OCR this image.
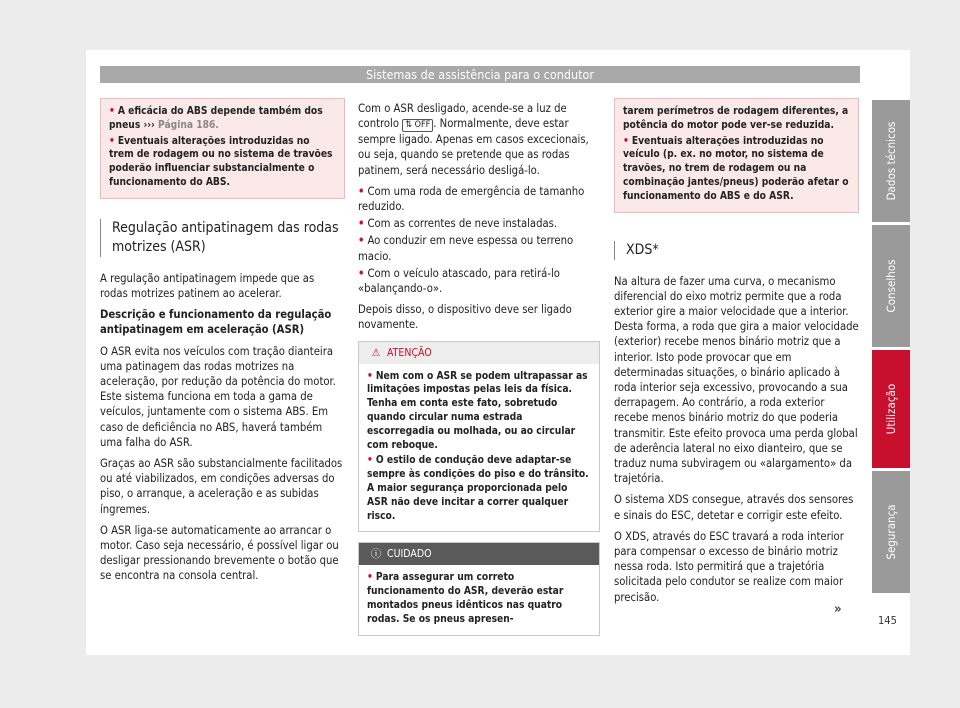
Sistemas de assistência para o condutor
• A eficácia do ABS depende também dos pneus ››› Página 186.
• Eventuais alterações introduzidas no trem de rodagem ou no sistema de travões poderão influenciar substancialmente o funcionamento do ABS.
Regulação antipatinagem das rodas motrizes (ASR)

A regulação antipatinagem impede que as rodas motrizes patinem ao acelerar.

Descrição e funcionamento da regulação antipatinagem em aceleração (ASR)

O ASR evita nos veículos com tração dianteira uma patinagem das rodas motrizes na aceleração, por redução da potência do motor. Este sistema funciona em toda a gama de veículos, juntamente com o sistema ABS. Em caso de deficiência no ABS, haverá também uma falha do ASR.

Graças ao ASR são substancialmente facilitados ou até viabilizados, em condições adversas do piso, o arranque, a aceleração e as subidas íngremes.

O ASR liga-se automaticamente ao arrancar o motor. Caso seja necessário, é possível ligar ou desligar pressionando brevemente o botão que se encontra na consola central.

Com o ASR desligado, acende-se a luz de controlo ⇅ OFF . Normalmente, deve estar sempre ligado. Apenas em casos excecionais, ou seja, quando se pretende que as rodas patinem, será necessário desligá-lo.

• Com uma roda de emergência de tamanho reduzido.

• Com as correntes de neve instaladas.

• Ao conduzir em neve espessa ou terreno macio.

• Com o veículo atascado, para retirá-lo «balançando-o».

Depois disso, o dispositivo deve ser ligado novamente.

⚠ ATENÇÃO
• Nem com o ASR se podem ultrapassar as limitações impostas pelas leis da física. Tenha em conta este fato, sobretudo quando circular numa estrada escorregadia ou molhada, ou ao circular com reboque.
• O estilo de condução deve adaptar-se sempre às condições do piso e do trânsito. A maior segurança proporcionada pelo ASR não deve incitar a correr qualquer risco.
ⓘ CUIDADO
• Para assegurar um correto funcionamento do ASR, deverão estar montados pneus idênticos nas quatro rodas. Se os pneus apresen-
tarem perímetros de rodagem diferentes, a potência do motor pode ver-se reduzida.
• Eventuais alterações introduzidas no veículo (p. ex. no motor, no sistema de travões, no trem de rodagem ou na combinação jantes/pneus) poderão afetar o funcionamento do ABS e do ASR.
XDS*

Na altura de fazer uma curva, o mecanismo diferencial do eixo motriz permite que a roda exterior gire a maior velocidade que a interior. Desta forma, a roda que gira a maior velocidade (exterior) recebe menos binário motriz que a interior. Isto pode provocar que em determinadas situações, o binário aplicado à roda interior seja excessivo, provocando a sua derrapagem. Ao contrário, a roda exterior recebe menos binário motriz do que poderia transmitir. Este efeito provoca uma perda global de aderência lateral no eixo dianteiro, que se traduz numa subviragem ou «alargamento» da trajetória.

O sistema XDS consegue, através dos sensores e sinais do ESC, detetar e corrigir este efeito.

O XDS, através do ESC travará a roda interior para compensar o excesso de binário motriz nessa roda. Isto permitirá que a trajetória solicitada pelo condutor se realize com maior precisão.

»
Dados técnicos
Conselhos
Utilização
Segurança
145
